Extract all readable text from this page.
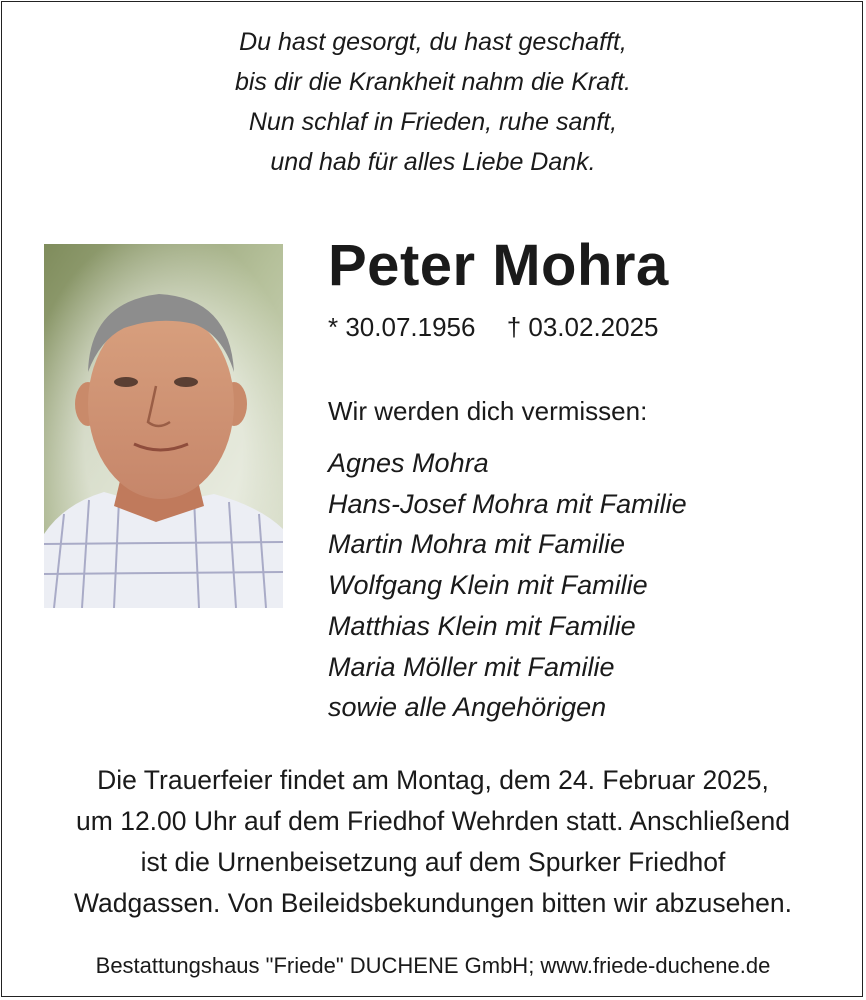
Du hast gesorgt, du hast geschafft,
bis dir die Krankheit nahm die Kraft.
Nun schlaf in Frieden, ruhe sanft,
und hab für alles Liebe Dank.
Peter Mohra
* 30.07.1956 † 03.02.2025
Wir werden dich vermissen:
Agnes Mohra
Hans-Josef Mohra mit Familie
Martin Mohra mit Familie
Wolfgang Klein mit Familie
Matthias Klein mit Familie
Maria Möller mit Familie
sowie alle Angehörigen
Die Trauerfeier findet am Montag, dem 24. Februar 2025,
um 12.00 Uhr auf dem Friedhof Wehrden statt. Anschließend
ist die Urnenbeisetzung auf dem Spurker Friedhof
Wadgassen. Von Beileidsbekundungen bitten wir abzusehen.
Bestattungshaus "Friede" DUCHENE GmbH; www.friede-duchene.de
